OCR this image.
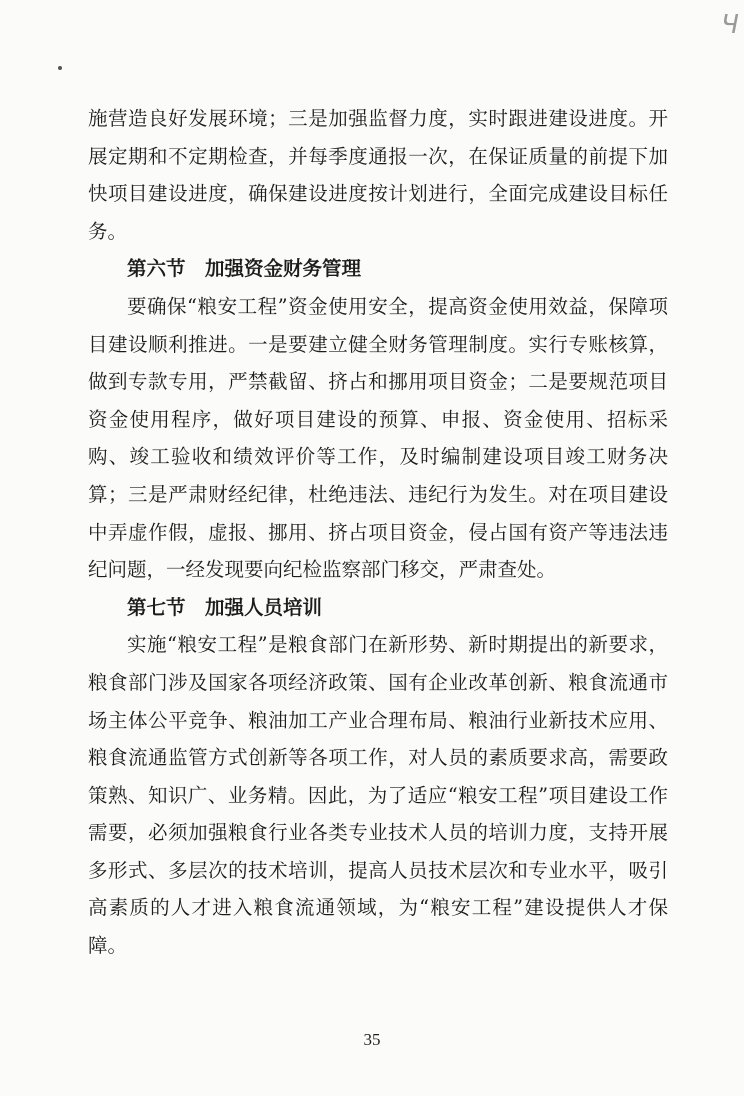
Ч

施营造良好发展环境；三是加强监督力度，实时跟进建设进度。开展定期和不定期检查，并每季度通报一次，在保证质量的前提下加快项目建设进度，确保建设进度按计划进行，全面完成建设目标任务。

第六节　加强资金财务管理

要确保“粮安工程”资金使用安全，提高资金使用效益，保障项目建设顺利推进。一是要建立健全财务管理制度。实行专账核算，做到专款专用，严禁截留、挤占和挪用项目资金；二是要规范项目资金使用程序，做好项目建设的预算、申报、资金使用、招标采购、竣工验收和绩效评价等工作，及时编制建设项目竣工财务决算；三是严肃财经纪律，杜绝违法、违纪行为发生。对在项目建设中弄虚作假，虚报、挪用、挤占项目资金，侵占国有资产等违法违纪问题，一经发现要向纪检监察部门移交，严肃查处。

第七节　加强人员培训

实施“粮安工程”是粮食部门在新形势、新时期提出的新要求，粮食部门涉及国家各项经济政策、国有企业改革创新、粮食流通市场主体公平竞争、粮油加工产业合理布局、粮油行业新技术应用、粮食流通监管方式创新等各项工作，对人员的素质要求高，需要政策熟、知识广、业务精。因此，为了适应“粮安工程”项目建设工作需要，必须加强粮食行业各类专业技术人员的培训力度，支持开展多形式、多层次的技术培训，提高人员技术层次和专业水平，吸引高素质的人才进入粮食流通领域，为“粮安工程”建设提供人才保障。

35
